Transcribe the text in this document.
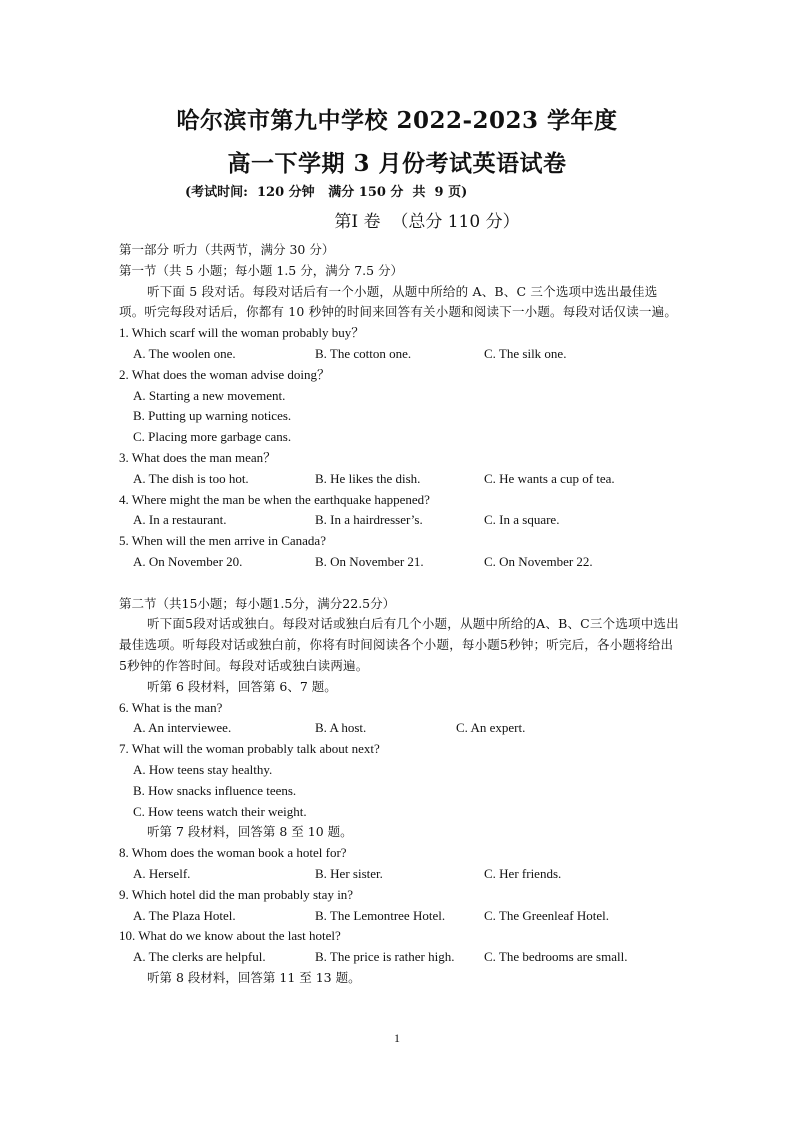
哈尔滨市第九中学校 2022-2023 学年度
高一下学期 3 月份考试英语试卷
(考试时间:  120 分钟   满分 150 分  共  9 页)
第Ⅰ 卷  （总分 110 分）
第一部分 听力（共两节，满分 30 分）
第一节（共 5 小题；每小题 1.5 分，满分 7.5 分）
听下面 5 段对话。每段对话后有一个小题，从题中所给的 A、B、C 三个选项中选出最佳选项。听完每段对话后，你都有 10 秒钟的时间来回答有关小题和阅读下一小题。每段对话仅读一遍。
1. Which scarf will the woman probably buy？
A. The woolen one.	B. The cotton one.	C. The silk one.
2. What does the woman advise doing？
A. Starting a new movement.
B. Putting up warning notices.
C. Placing more garbage cans.
3. What does the man mean？
A. The dish is too hot.	B. He likes the dish.	C. He wants a cup of tea.
4. Where might the man be when the earthquake happened?
A. In a restaurant.	B. In a hairdresser’s.	C. In a square.
5. When will the men arrive in Canada?
A. On November 20.	B. On November 21.	C. On November 22.
第二节（共15小题；每小题1.5分，满分22.5分）
听下面5段对话或独白。每段对话或独白后有几个小题，从题中所给的A、B、C三个选项中选出最佳选项。听每段对话或独白前，你将有时间阅读各个小题，每小题5秒钟；听完后，各小题将给出5秒钟的作答时间。每段对话或独白读两遍。
听第 6 段材料，回答第 6、7 题。
6. What is the man?
A. An interviewee.	B. A host.	C. An expert.
7. What will the woman probably talk about next?
A. How teens stay healthy.
B. How snacks influence teens.
C. How teens watch their weight.
听第 7 段材料，回答第 8 至 10 题。
8. Whom does the woman book a hotel for?
A. Herself.	B. Her sister.	C. Her friends.
9. Which hotel did the man probably stay in?
A. The Plaza Hotel.	B. The Lemontree Hotel.	C. The Greenleaf Hotel.
10. What do we know about the last hotel?
A. The clerks are helpful.	B. The price is rather high. C. The bedrooms are small.
听第 8 段材料，回答第 11 至 13 题。
1
